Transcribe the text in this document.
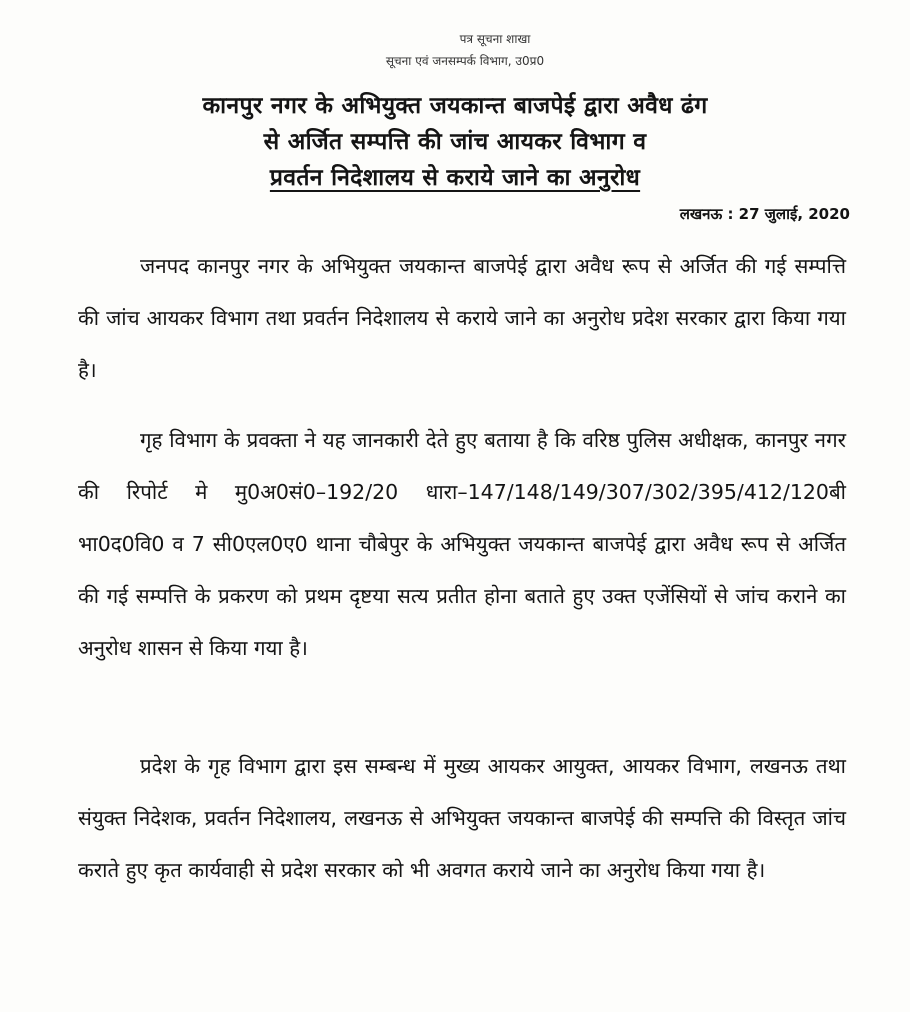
पत्र सूचना शाखा
सूचना एवं जनसम्पर्क विभाग, उ0प्र0
कानपुर नगर के अभियुक्त जयकान्त बाजपेई द्वारा अवैध ढंग
से अर्जित सम्पत्ति की जांच आयकर विभाग व
प्रवर्तन निदेशालय से कराये जाने का अनुरोध
लखनऊ : 27 जुलाई, 2020
जनपद कानपुर नगर के अभियुक्त जयकान्त बाजपेई द्वारा अवैध रूप से अर्जित की गई सम्पत्ति की जांच आयकर विभाग तथा प्रवर्तन निदेशालय से कराये जाने का अनुरोध प्रदेश सरकार द्वारा किया गया है।
गृह विभाग के प्रवक्ता ने यह जानकारी देते हुए बताया है कि वरिष्ठ पुलिस अधीक्षक, कानपुर नगर की रिपोर्ट मे मु0अ0सं0–192/20 धारा–147/148/149/307/302/395/412/120बी भा0द0वि0 व 7 सी0एल0ए0 थाना चौबेपुर के अभियुक्त जयकान्त बाजपेई द्वारा अवैध रूप से अर्जित की गई सम्पत्ति के प्रकरण को प्रथम दृष्टया सत्य प्रतीत होना बताते हुए उक्त एजेंसियों से जांच कराने का अनुरोध शासन से किया गया है।
प्रदेश के गृह विभाग द्वारा इस सम्बन्ध में मुख्य आयकर आयुक्त, आयकर विभाग, लखनऊ तथा संयुक्त निदेशक, प्रवर्तन निदेशालय, लखनऊ से अभियुक्त जयकान्त बाजपेई की सम्पत्ति की विस्तृत जांच कराते हुए कृत कार्यवाही से प्रदेश सरकार को भी अवगत कराये जाने का अनुरोध किया गया है।
